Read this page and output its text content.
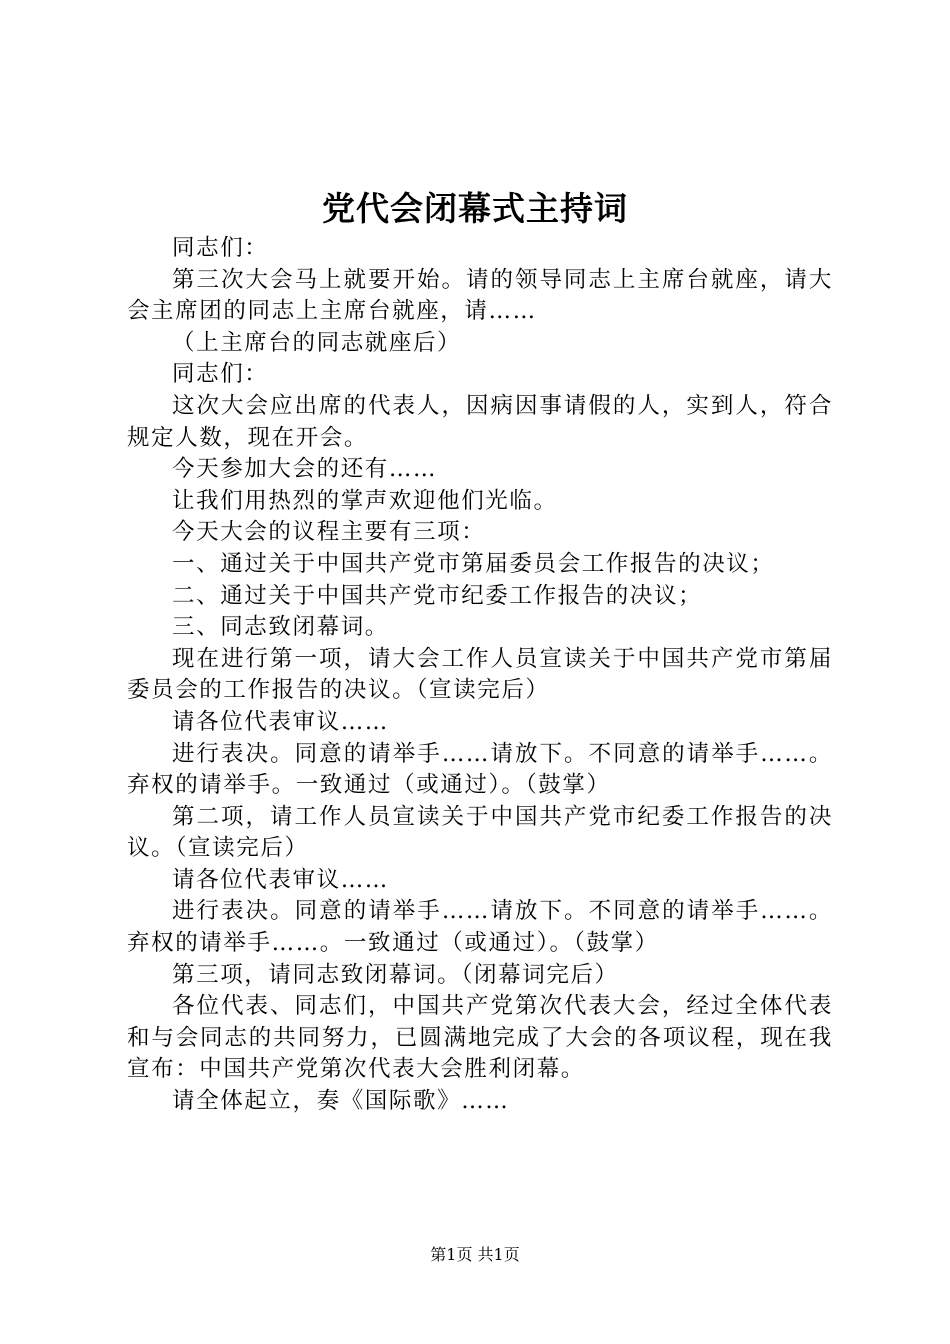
党代会闭幕式主持词

同志们：

第三次大会马上就要开始。请的领导同志上主席台就座，请大会主席团的同志上主席台就座，请……

（上主席台的同志就座后）

同志们：

这次大会应出席的代表人，因病因事请假的人，实到人，符合规定人数，现在开会。

今天参加大会的还有……

让我们用热烈的掌声欢迎他们光临。

今天大会的议程主要有三项：

一、通过关于中国共产党市第届委员会工作报告的决议；

二、通过关于中国共产党市纪委工作报告的决议；

三、同志致闭幕词。

现在进行第一项，请大会工作人员宣读关于中国共产党市第届委员会的工作报告的决议。（宣读完后）

请各位代表审议……

进行表决。同意的请举手……请放下。不同意的请举手……。弃权的请举手。一致通过（或通过）。（鼓掌）

第二项，请工作人员宣读关于中国共产党市纪委工作报告的决议。（宣读完后）

请各位代表审议……

进行表决。同意的请举手……请放下。不同意的请举手……。弃权的请举手……。一致通过（或通过）。（鼓掌）

第三项，请同志致闭幕词。（闭幕词完后）

各位代表、同志们，中国共产党第次代表大会，经过全体代表和与会同志的共同努力，已圆满地完成了大会的各项议程，现在我宣布：中国共产党第次代表大会胜利闭幕。

请全体起立，奏《国际歌》……

第1页 共1页
